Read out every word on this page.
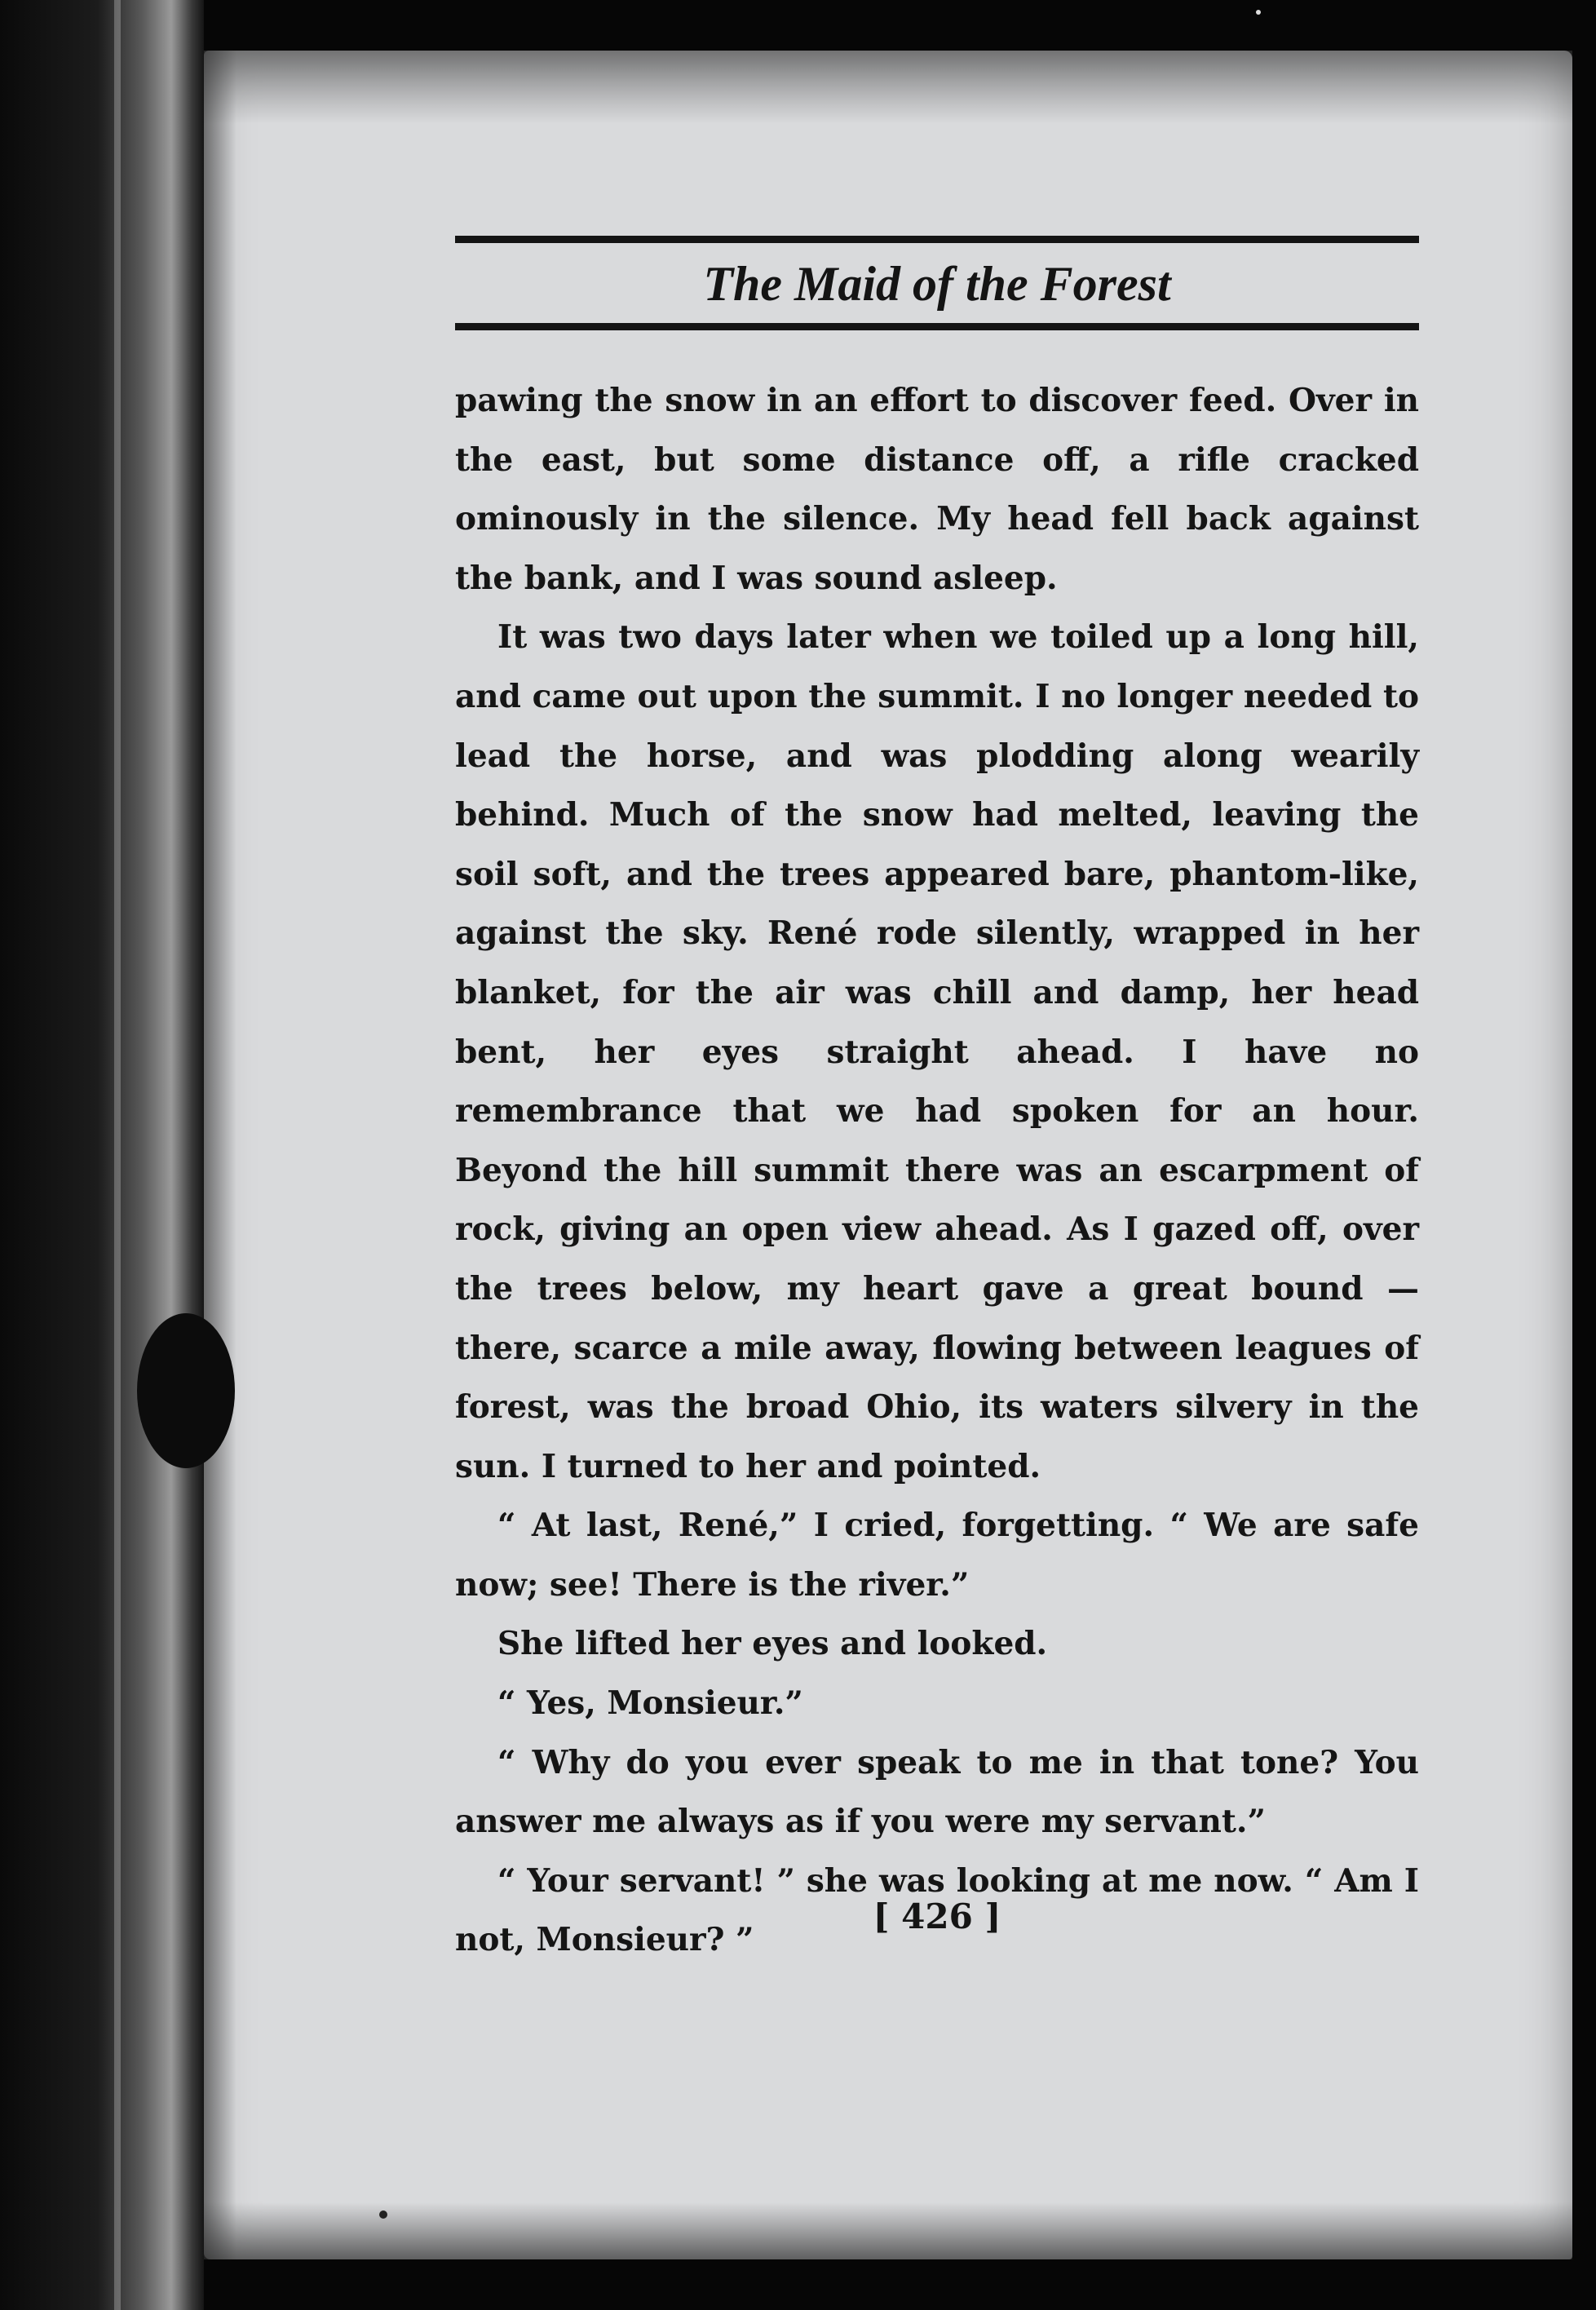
The Maid of the Forest

pawing the snow in an effort to discover feed. Over in the east, but some distance off, a rifle cracked ominously in the silence. My head fell back against the bank, and I was sound asleep.

It was two days later when we toiled up a long hill, and came out upon the summit. I no longer needed to lead the horse, and was plodding along wearily behind. Much of the snow had melted, leaving the soil soft, and the trees appeared bare, phantom-like, against the sky. René rode silently, wrapped in her blanket, for the air was chill and damp, her head bent, her eyes straight ahead. I have no remembrance that we had spoken for an hour. Beyond the hill summit there was an escarpment of rock, giving an open view ahead. As I gazed off, over the trees below, my heart gave a great bound — there, scarce a mile away, flowing between leagues of forest, was the broad Ohio, its waters silvery in the sun. I turned to her and pointed.

“ At last, René,” I cried, forgetting. “ We are safe now; see! There is the river.”

She lifted her eyes and looked.

“ Yes, Monsieur.”

“ Why do you ever speak to me in that tone? You answer me always as if you were my servant.”

“ Your servant! ” she was looking at me now. “ Am I not, Monsieur? ”

[ 426 ]
